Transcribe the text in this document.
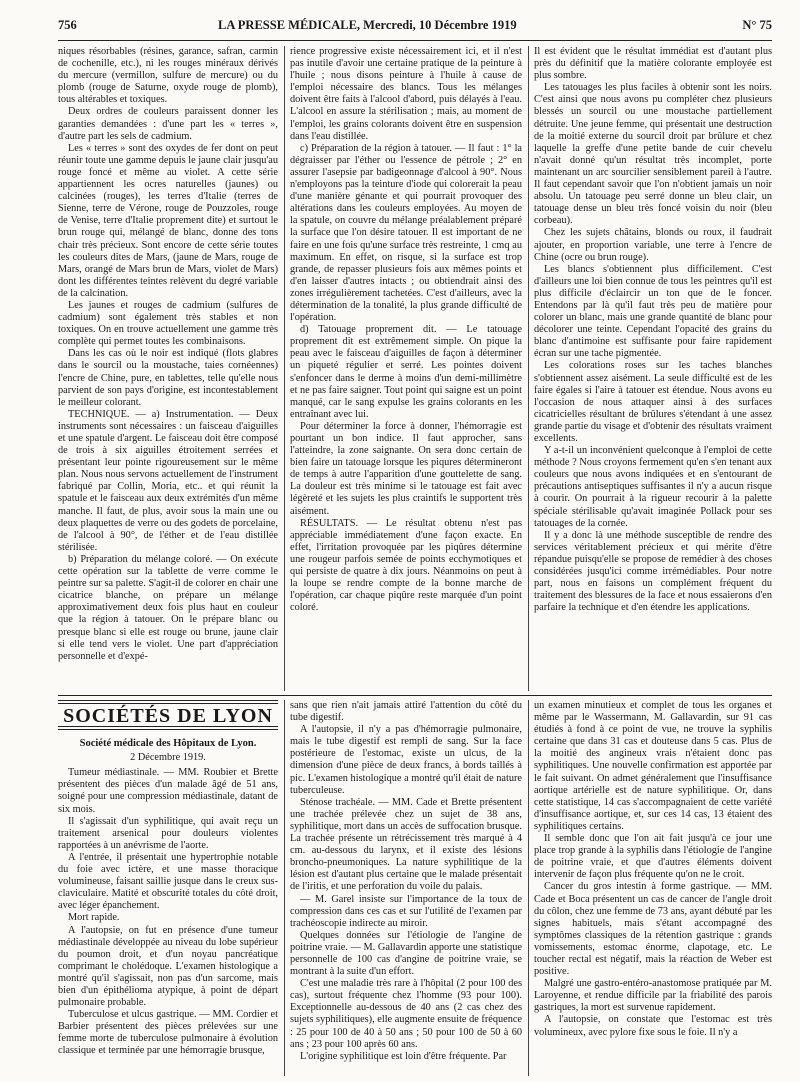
756	LA PRESSE MÉDICALE, Mercredi, 10 Décembre 1919	N° 75

niques résorbables (résines, garance, safran, carmin de cochenille, etc.), ni les rouges minéraux dérivés du mercure (vermillon, sulfure de mercure) ou du plomb (rouge de Saturne, oxyde rouge de plomb), tous altérables et toxiques.

Deux ordres de couleurs paraissent donner les garanties demandées : d'une part les « terres », d'autre part les sels de cadmium.

Les « terres » sont des oxydes de fer dont on peut réunir toute une gamme depuis le jaune clair jusqu'au rouge foncé et même au violet. A cette série appartiennent les ocres naturelles (jaunes) ou calcinées (rouges), les terres d'Italie (terres de Sienne, terre de Vérone, rouge de Pouzzoles, rouge de Venise, terre d'Italie proprement dite) et surtout le brun rouge qui, mélangé de blanc, donne des tons chair très précieux. Sont encore de cette série toutes les couleurs dites de Mars, (jaune de Mars, rouge de Mars, orangé de Mars brun de Mars, violet de Mars) dont les différentes teintes relèvent du degré variable de la calcination.

Les jaunes et rouges de cadmium (sulfures de cadmium) sont également très stables et non toxiques. On en trouve actuellement une gamme très complète qui permet toutes les combinaisons.

Dans les cas où le noir est indiqué (flots glabres dans le sourcil ou la moustache, taies cornéennes) l'encre de Chine, pure, en tablettes, telle qu'elle nous parvient de son pays d'origine, est incontestablement le meilleur colorant.

TECHNIQUE. — a) Instrumentation. — Deux instruments sont nécessaires : un faisceau d'aiguilles et une spatule d'argent. Le faisceau doit être composé de trois à six aiguilles étroitement serrées et présentant leur pointe rigoureusement sur le même plan. Nous nous servons actuellement de l'instrument fabriqué par Collin, Moria, etc.. et qui réunit la spatule et le faisceau aux deux extrémités d'un même manche. Il faut, de plus, avoir sous la main une ou deux plaquettes de verre ou des godets de porcelaine, de l'alcool à 90°, de l'éther et de l'eau distillée stérilisée.

b) Préparation du mélange coloré. — On exécute cette opération sur la tablette de verre comme le peintre sur sa palette. S'agit-il de colorer en chair une cicatrice blanche, on prépare un mélange approximativement deux fois plus haut en couleur que la région à tatouer. On le prépare blanc ou presque blanc si elle est rouge ou brune, jaune clair si elle tend vers le violet. Une part d'appréciation personnelle et d'expé-

rience progressive existe nécessairement ici, et il n'est pas inutile d'avoir une certaine pratique de la peinture à l'huile ; nous disons peinture à l'huile à cause de l'emploi nécessaire des blancs. Tous les mélanges doivent être faits à l'alcool d'abord, puis délayés à l'eau. L'alcool en assure la stérilisation ; mais, au moment de l'emploi, les grains colorants doivent être en suspension dans l'eau distillée.

c) Préparation de la région à tatouer. — Il faut : 1° la dégraisser par l'éther ou l'essence de pétrole ; 2° en assurer l'asepsie par badigeonnage d'alcool à 90°. Nous n'employons pas la teinture d'iode qui colorerait la peau d'une manière génante et qui pourrait provoquer des altérations dans les couleurs employées. Au moyen de la spatule, on couvre du mélange préalablement préparé la surface que l'on désire tatouer. Il est important de ne faire en une fois qu'une surface très restreinte, 1 cmq au maximum. En effet, on risque, si la surface est trop grande, de repasser plusieurs fois aux mêmes points et d'en laisser d'autres intacts ; ou obtiendrait ainsi des zones irrégulièrement tachetées. C'est d'ailleurs, avec la détermination de la tonalité, la plus grande difficulté de l'opération.

d) Tatouage proprement dit. — Le tatouage proprement dit est extrêmement simple. On pique la peau avec le faisceau d'aiguilles de façon à déterminer un piqueté régulier et serré. Les pointes doivent s'enfoncer dans le derme à moins d'un demi-millimètre et ne pas faire saigner. Tout point qui saigne est un point manqué, car le sang expulse les grains colorants en les entraînant avec lui.

Pour déterminer la force à donner, l'hémorragie est pourtant un bon indice. Il faut approcher, sans l'atteindre, la zone saignante. On sera donc certain de bien faire un tatouage lorsque les piqures détermineront de temps à autre l'apparition d'une gouttelette de sang. La douleur est très minime si le tatouage est fait avec légèreté et les sujets les plus craintifs le supportent très aisément.

RÉSULTATS. — Le résultat obtenu n'est pas appréciable immédiatement d'une façon exacte. En effet, l'irritation provoquée par les piqûres détermine une rougeur parfois semée de points ecchymotiques et qui persiste de quatre à dix jours. Néanmoins on peut à la loupe se rendre compte de la bonne marche de l'opération, car chaque piqûre reste marquée d'un point coloré.

Il est évident que le résultat immédiat est d'autant plus près du définitif que la matière colorante employée est plus sombre.

Les tatouages les plus faciles à obtenir sont les noirs. C'est ainsi que nous avons pu compléter chez plusieurs blessés un sourcil ou une moustache partiellement détruite. Une jeune femme, qui présentait une destruction de la moitié externe du sourcil droit par brûlure et chez laquelle la greffe d'une petite bande de cuir chevelu n'avait donné qu'un résultat très incomplet, porte maintenant un arc sourcilier sensiblement pareil à l'autre. Il faut cependant savoir que l'on n'obtient jamais un noir absolu. Un tatouage peu serré donne un bleu clair, un tatouage dense un bleu très foncé voisin du noir (bleu corbeau).

Chez les sujets châtains, blonds ou roux, il faudrait ajouter, en proportion variable, une terre à l'encre de Chine (ocre ou brun rouge).

Les blancs s'obtiennent plus difficilement. C'est d'ailleurs une loi bien connue de tous les peintres qu'il est plus difficile d'éclaircir un ton que de le foncer. Entendons par là qu'il faut très peu de matière pour colorer un blanc, mais une grande quantité de blanc pour décolorer une teinte. Cependant l'opacité des grains du blanc d'antimoine est suffisante pour faire rapidement écran sur une tache pigmentée.

Les colorations roses sur les taches blanches s'obtiennent assez aisément. La seule difficulté est de les faire égales si l'aire à tatouer est étendue. Nous avons eu l'occasion de nous attaquer ainsi à des surfaces cicatricielles résultant de brûlures s'étendant à une assez grande partie du visage et d'obtenir des résultats vraiment excellents.

Y a-t-il un inconvénient quelconque à l'emploi de cette méthode ? Nous croyons fermement qu'en s'en tenant aux couleurs que nous avons indiquées et en s'entourant de précautions antiseptiques suffisantes il n'y a aucun risque à courir. On pourrait à la rigueur recourir à la palette spéciale stérilisable qu'avait imaginée Pollack pour ses tatouages de la cornée.

Il y a donc là une méthode susceptible de rendre des services véritablement précieux et qui mérite d'être répandue puisqu'elle se propose de remédier à des choses considérées jusqu'ici comme irrémédiables. Pour notre part, nous en faisons un complément fréquent du traitement des blessures de la face et nous essaierons d'en parfaire la technique et d'en étendre les applications.

SOCIÉTÉS DE LYON
Société médicale des Hôpitaux de Lyon.
2 Décembre 1919.

Tumeur médiastinale. — MM. Roubier et Brette présentent des pièces d'un malade âgé de 51 ans, soigné pour une compression médiastinale, datant de six mois.

Il s'agissait d'un syphilitique, qui avait reçu un traitement arsenical pour douleurs violentes rapportées à un anévrisme de l'aorte.

A l'entrée, il présentait une hypertrophie notable du foie avec ictère, et une masse thoracique volumineuse, faisant saillie jusque dans le creux sus-claviculaire. Matité et obscurité totales du côté droit, avec léger épanchement.

Mort rapide.

A l'autopsie, on fut en présence d'une tumeur médiastinale développée au niveau du lobe supérieur du poumon droit, et d'un noyau pancréatique comprimant le cholédoque. L'examen histologique a montré qu'il s'agissait, non pas d'un sarcome, mais bien d'un épithélioma atypique, à point de départ pulmonaire probable.

Tuberculose et ulcus gastrique. — MM. Cordier et Barbier présentent des pièces prélevées sur une femme morte de tuberculose pulmonaire à évolution classique et terminée par une hémorragie brusque,

sans que rien n'ait jamais attiré l'attention du côté du tube digestif.

A l'autopsie, il n'y a pas d'hémorragie pulmonaire, mais le tube digestif est rempli de sang. Sur la face postérieure de l'estomac, existe un ulcus, de la dimension d'une pièce de deux francs, à bords taillés à pic. L'examen histologique a montré qu'il était de nature tuberculeuse.

Sténose trachéale. — MM. Cade et Brette présentent une trachée prélevée chez un sujet de 38 ans, syphilitique, mort dans un accès de suffocation brusque. La trachée présente un rétrécissement très marqué à 4 cm. au-dessous du larynx, et il existe des lésions broncho-pneumoniques. La nature syphilitique de la lésion est d'autant plus certaine que le malade présentait de l'iritis, et une perforation du voile du palais.

— M. Garel insiste sur l'importance de la toux de compression dans ces cas et sur l'utilité de l'examen par trachéoscopie indirecte au miroir.

Quelques données sur l'étiologie de l'angine de poitrine vraie. — M. Gallavardin apporte une statistique personnelle de 100 cas d'angine de poitrine vraie, se montrant à la suite d'un effort.

C'est une maladie très rare à l'hôpital (2 pour 100 des cas), surtout fréquente chez l'homme (93 pour 100). Exceptionnelle au-dessous de 40 ans (2 cas chez des sujets syphilitiques), elle augmente ensuite de fréquence : 25 pour 100 de 40 à 50 ans ; 50 pour 100 de 50 à 60 ans ; 23 pour 100 après 60 ans.

L'origine syphilitique est loin d'être fréquente. Par

un examen minutieux et complet de tous les organes et même par le Wassermann, M. Gallavardin, sur 91 cas étudiés à fond à ce point de vue, ne trouve la syphilis certaine que dans 31 cas et douteuse dans 5 cas. Plus de la moitié des angineux vrais n'étaient donc pas syphilitiques. Une nouvelle confirmation est apportée par le fait suivant. On admet généralement que l'insuffisance aortique artérielle est de nature syphilitique. Or, dans cette statistique, 14 cas s'accompagnaient de cette variété d'insuffisance aortique, et, sur ces 14 cas, 13 étaient des syphilitiques certains.

Il semble donc que l'on ait fait jusqu'à ce jour une place trop grande à la syphilis dans l'étiologie de l'angine de poitrine vraie, et que d'autres éléments doivent intervenir de façon plus fréquente qu'on ne le croit.

Cancer du gros intestin à forme gastrique. — MM. Cade et Boca présentent un cas de cancer de l'angle droit du côlon, chez une femme de 73 ans, ayant débuté par les signes habituels, mais s'étant accompagné des symptômes classiques de la rétention gastrique : grands vomissements, estomac énorme, clapotage, etc. Le toucher rectal est négatif, mais la réaction de Weber est positive.

Malgré une gastro-entéro-anastomose pratiquée par M. Laroyenne, et rendue difficile par la friabilité des parois gastriques, la mort est survenue rapidement.

A l'autopsie, on constate que l'estomac est très volumineux, avec pylore fixe sous le foie. Il n'y a
